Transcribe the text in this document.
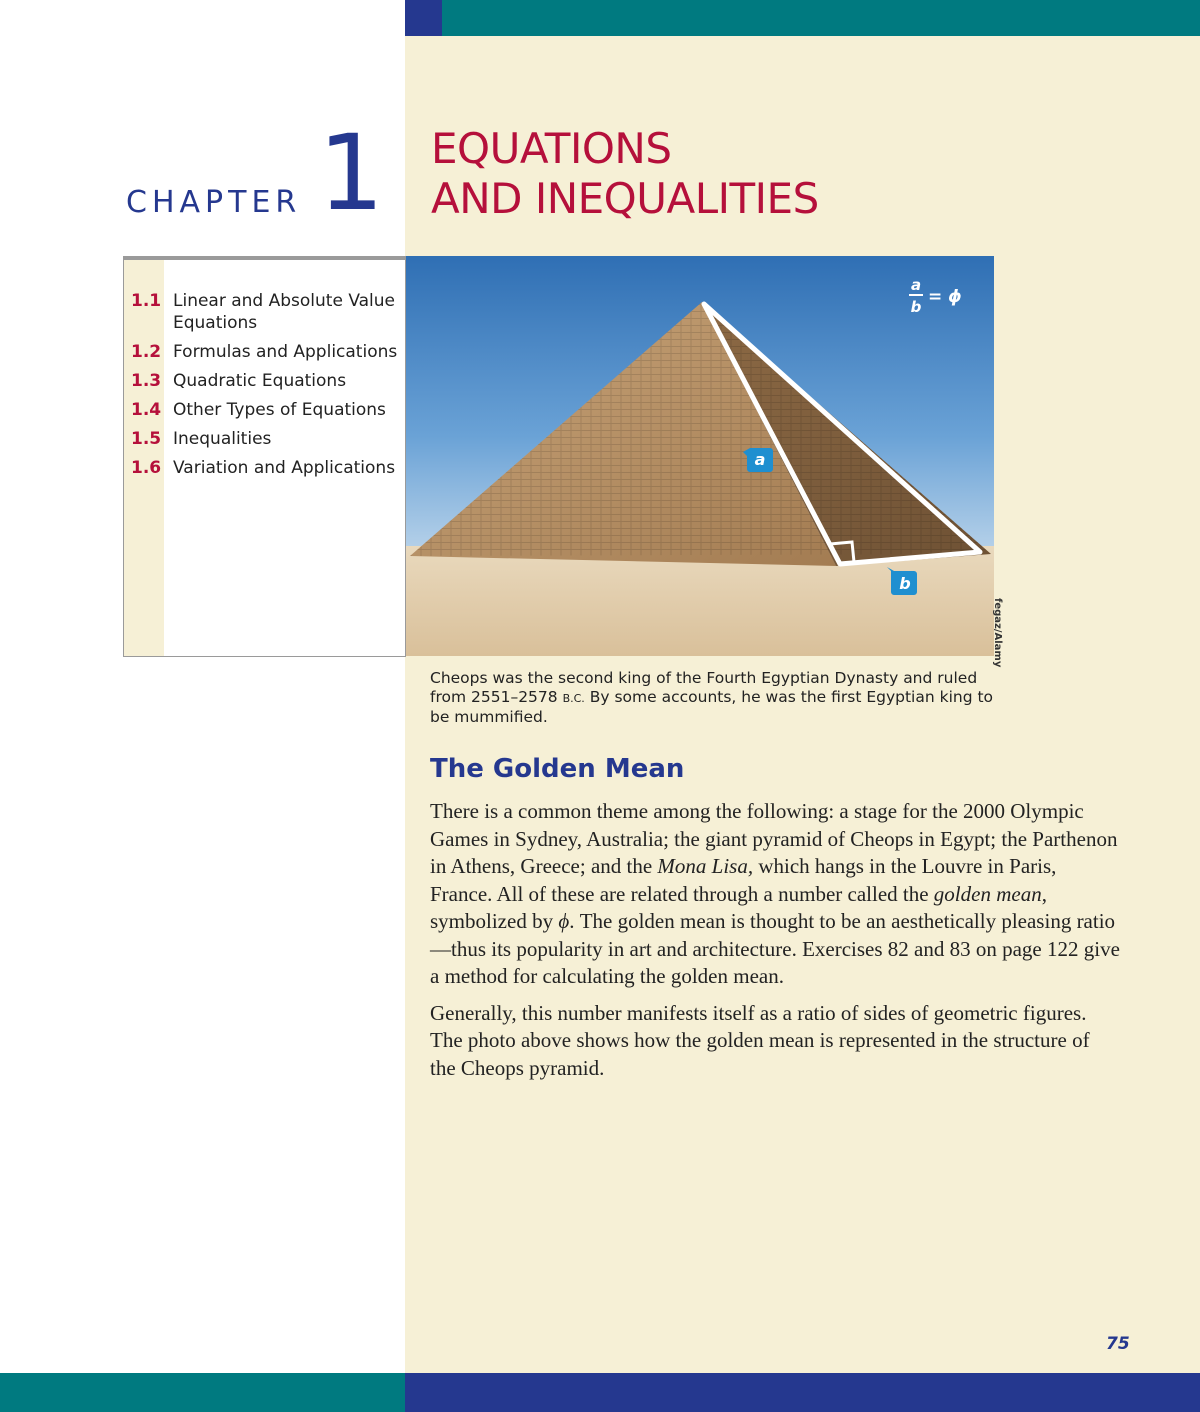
CHAPTER 1 EQUATIONS
AND INEQUALITIES
1.1 Linear and Absolute Value Equations
1.2 Formulas and Applications
1.3 Quadratic Equations
1.4 Other Types of Equations
1.5 Inequalities
1.6 Variation and Applications	a
b
a
b = ϕ
fegaz/Alamy
Cheops was the second king of the Fourth Egyptian Dynasty and ruled from 2551–2578 B.C. By some accounts, he was the first Egyptian king to be mummified.
The Golden Mean

There is a common theme among the following: a stage for the 2000 Olympic Games in Sydney, Australia; the giant pyramid of Cheops in Egypt; the Parthenon in Athens, Greece; and the Mona Lisa, which hangs in the Louvre in Paris, France. All of these are related through a number called the golden mean, symbolized by ϕ. The golden mean is thought to be an aesthetically pleasing ratio—thus its popularity in art and architecture. Exercises 82 and 83 on page 122 give a method for calculating the golden mean.

Generally, this number manifests itself as a ratio of sides of geometric figures. The photo above shows how the golden mean is represented in the structure of the Cheops pyramid.

75
